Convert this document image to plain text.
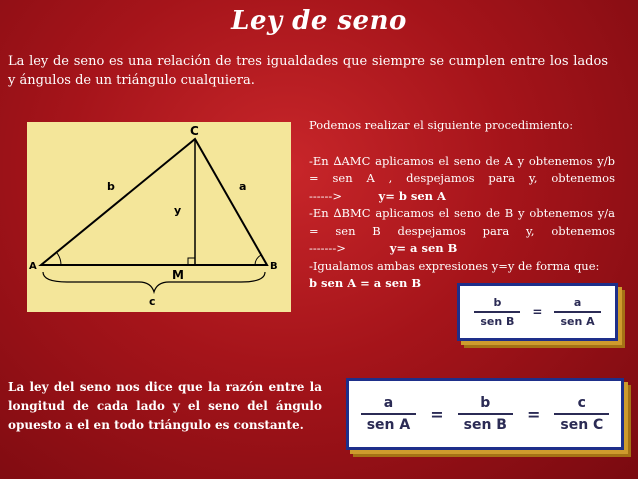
Ley de seno
La ley de seno es una relación de tres igualdades que siempre se cumplen entre los lados y ángulos de un triángulo cualquiera.
C
A	B
b	a
y
M
c

Podemos realizar el siguiente procedimiento:

-En ∆AMC aplicamos el seno de A y obtenemos y/b = sen A , despejamos para y, obtenemos

------>	y= b sen A

-En ∆BMC aplicamos el seno de B y obtenemos y/a = sen B despejamos para y, obtenemos

------->	y= a sen B

-Igualamos ambas expresiones y=y de forma que:

b sen A = a sen B

$\frac{b}{\text{sen B}} = \frac{a}{\text{sen A}}$
La ley del seno nos dice que la razón entre la longitud de cada lado y el seno del ángulo opuesto a el en todo triángulo es constante.	$\frac{a}{\text{sen A}} = \frac{b}{\text{sen B}} = \frac{c}{\text{sen C}}$
